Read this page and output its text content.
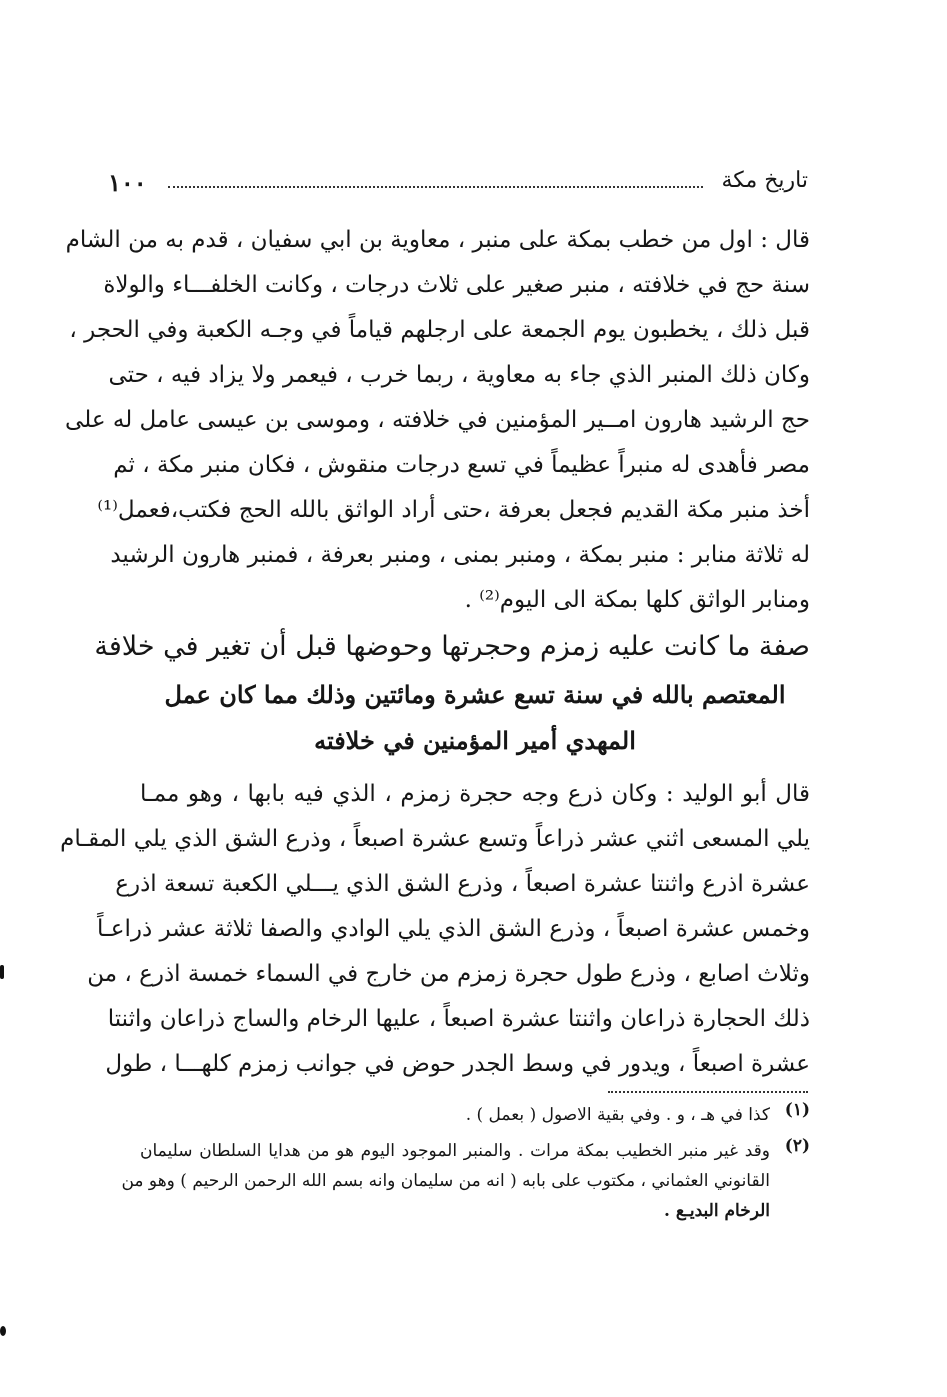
١٠٠	تاريخ مكة

قال : اول من خطب بمكة على منبر ، معاوية بن ابي سفيان ، قدم به من الشام
سنة حج في خلافته ، منبر صغير على ثلاث درجات ، وكانت الخلفـــاء والولاة
قبل ذلك ، يخطبون يوم الجمعة على ارجلهم قياماً في وجـه الكعبة وفي الحجر ،
وكان ذلك المنبر الذي جاء به معاوية ، ربما خرب ، فيعمر ولا يزاد فيه ، حتى
حج الرشيد هارون امــير المؤمنين في خلافته ، وموسى بن عيسى عامل له على
مصر فأهدى له منبراً عظيماً في تسع درجات منقوش ، فكان منبر مكة ، ثم
أخذ منبر مكة القديم فجعل بعرفة ،حتى أراد الواثق بالله الحج فكتب،فعمل⁽¹⁾
له ثلاثة منابر : منبر بمكة ، ومنبر بمنى ، ومنبر بعرفة ، فمنبر هارون الرشيد
ومنابر الواثق كلها بمكة الى اليوم⁽²⁾ .

صفة ما كانت عليه زمزم وحجرتها وحوضها قبل أن تغير في خلافة
المعتصم بالله في سنة تسع عشرة ومائتين وذلك مما كان عمل
المهدي أمير المؤمنين في خلافته

قال أبو الوليد : وكان ذرع وجه حجرة زمزم ، الذي فيه بابها ، وهو ممـا
يلي المسعى اثني عشر ذراعاً وتسع عشرة اصبعاً ، وذرع الشق الذي يلي المقـام
عشرة اذرع واثنتا عشرة اصبعاً ، وذرع الشق الذي يـــلي الكعبة تسعة اذرع
وخمس عشرة اصبعاً ، وذرع الشق الذي يلي الوادي والصفا ثلاثة عشر ذراعـاً
وثلاث اصابع ، وذرع طول حجرة زمزم من خارج في السماء خمسة اذرع ، من
ذلك الحجارة ذراعان واثنتا عشرة اصبعاً ، عليها الرخام والساج ذراعان واثنتا
عشرة اصبعاً ، ويدور في وسط الجدر حوض في جوانب زمزم كلهـــا ، طول

(١)
كذا في هـ ، و . وفي بقية الاصول ( بعمل ) .
(٢)
وقد غير منبر الخطيب بمكة مرات . والمنبر الموجود اليوم هو من هدايا السلطان سليمان
القانوني العثماني ، مكتوب على بابه ( انه من سليمان وانه بسم الله الرحمن الرحيم ) وهو من
الرخام البديـع .
